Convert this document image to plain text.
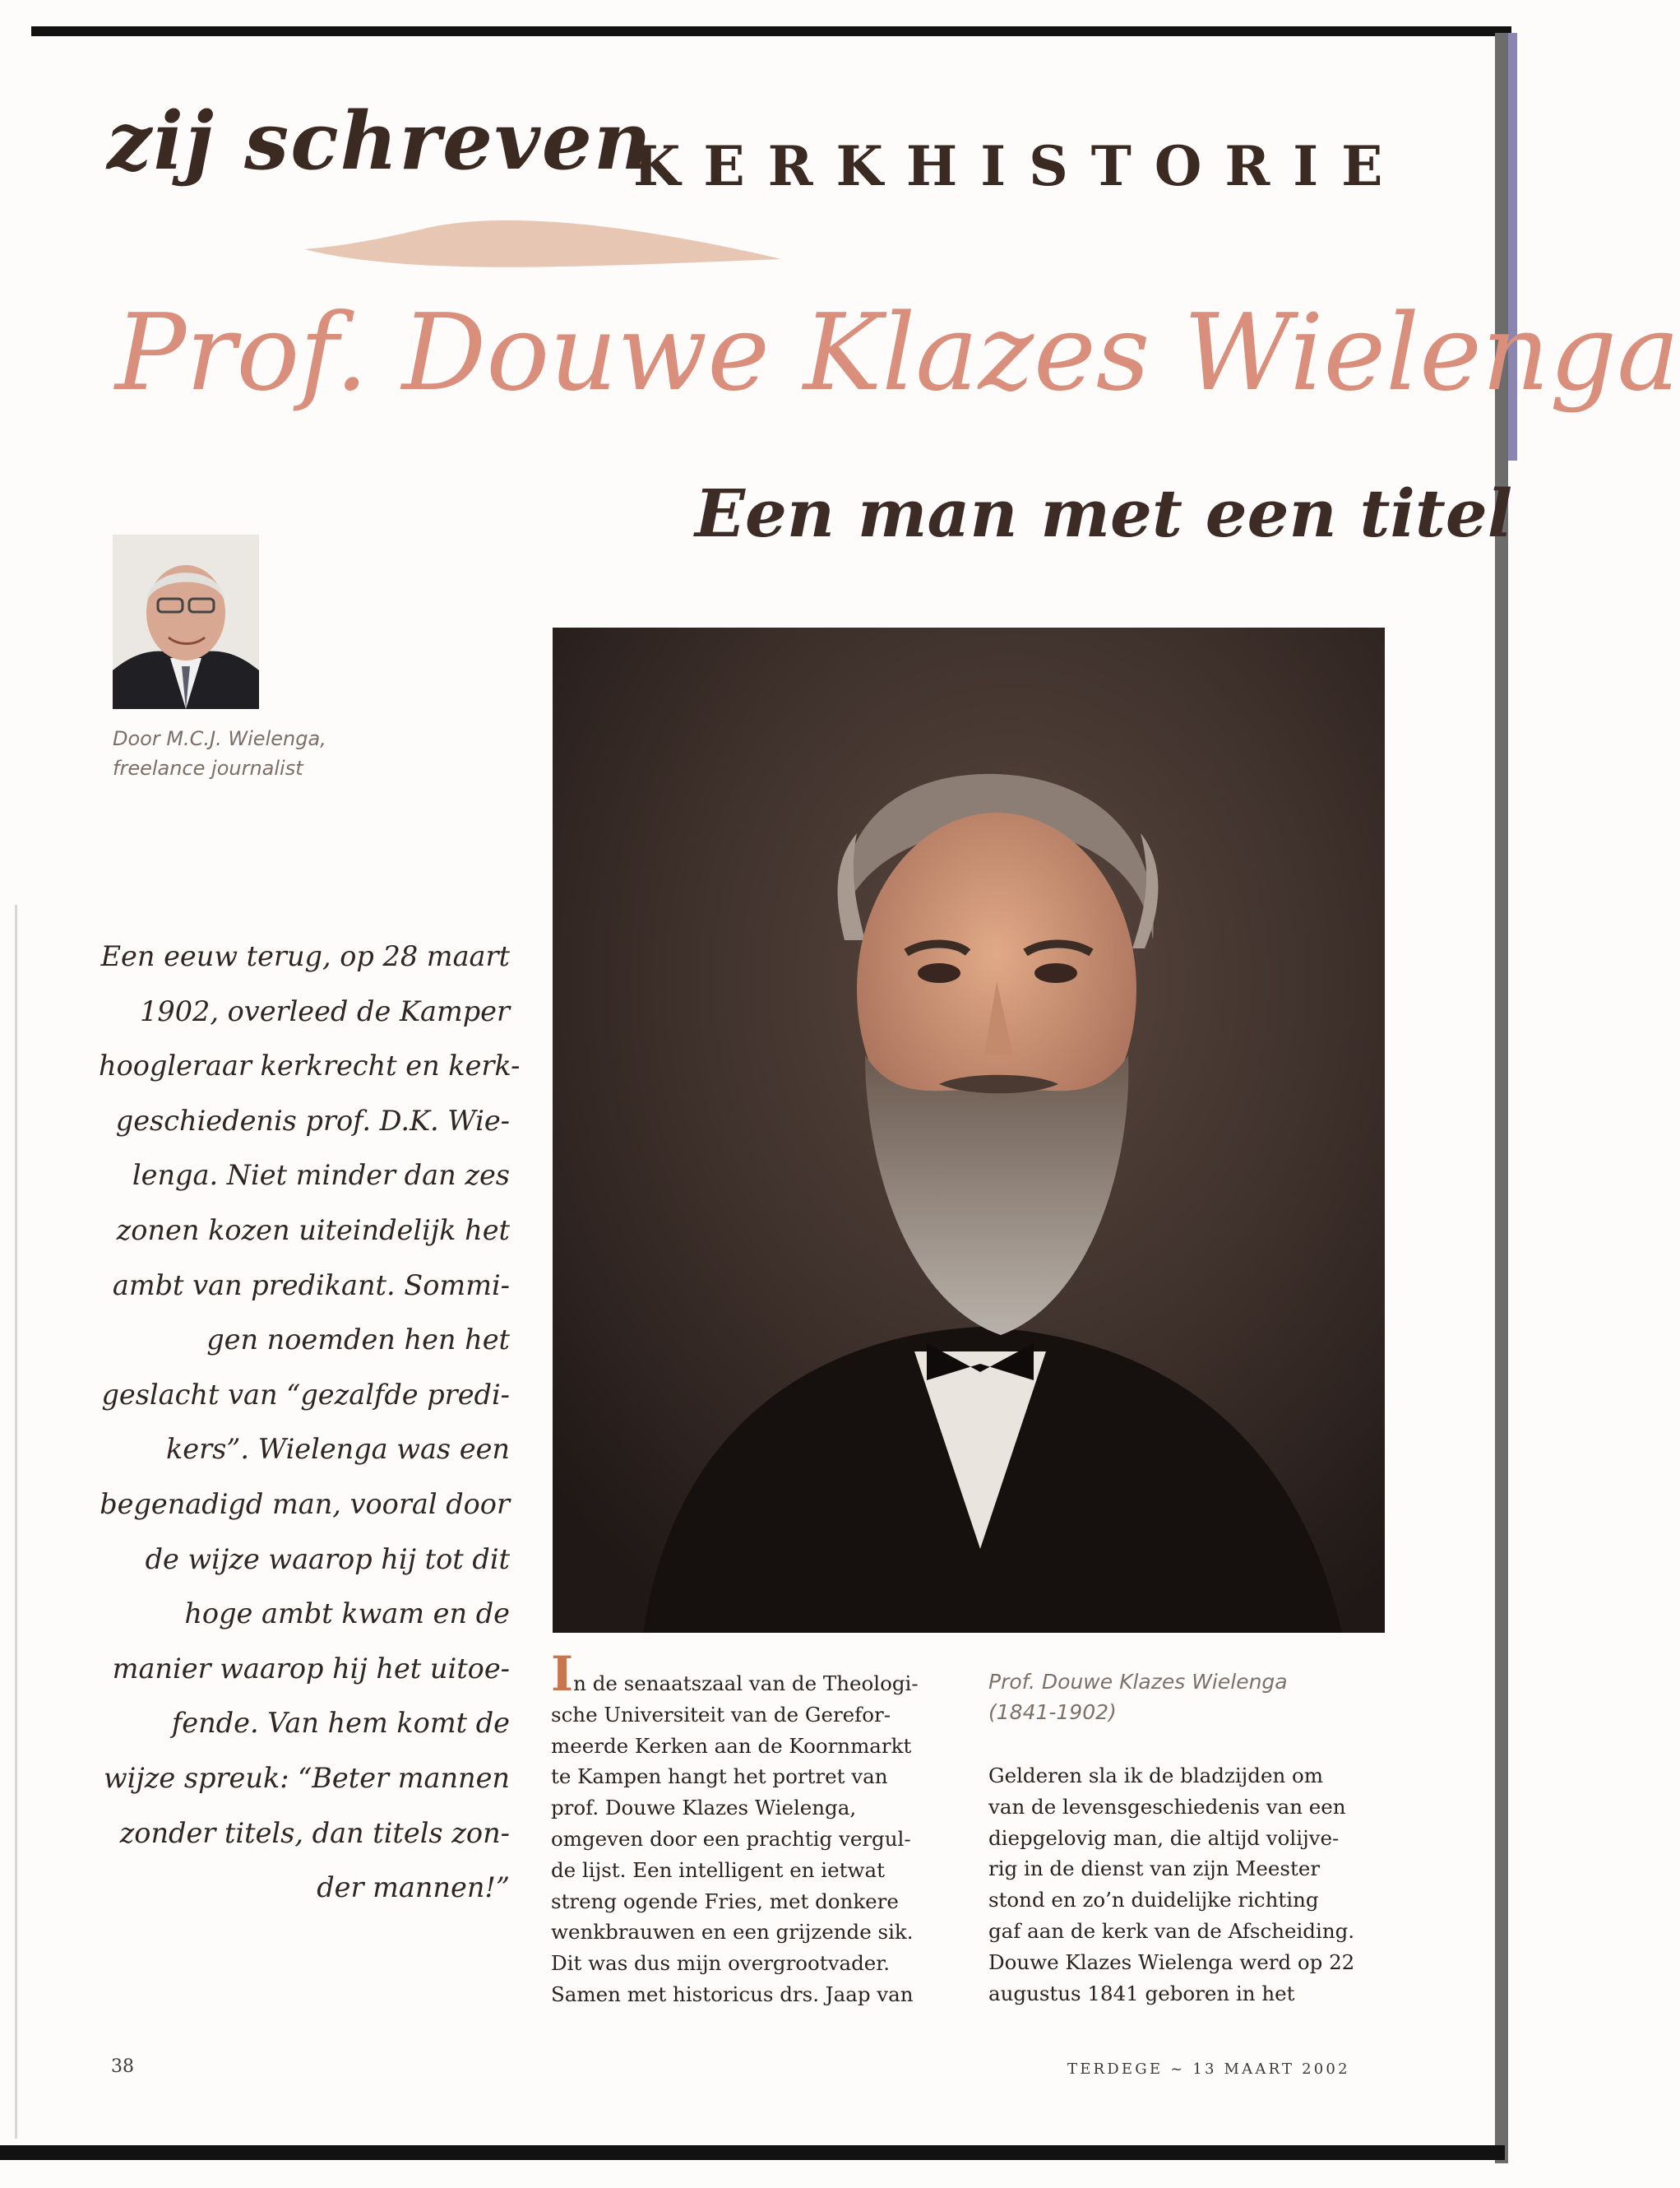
zij schreven
KERKHISTORIE
Prof. Douwe Klazes Wielenga
Een man met een titel
Door M.C.J. Wielenga,
freelance journalist
Een eeuw terug, op 28 maart
1902, overleed de Kamper
hoogleraar kerkrecht en kerk-
geschiedenis prof. D.K. Wie-
lenga. Niet minder dan zes
zonen kozen uiteindelijk het
ambt van predikant. Sommi-
gen noemden hen het
geslacht van “gezalfde predi-
kers”. Wielenga was een
begenadigd man, vooral door
de wijze waarop hij tot dit
hoge ambt kwam en de
manier waarop hij het uitoe-
fende. Van hem komt de
wijze spreuk: “Beter mannen
zonder titels, dan titels zon-
der mannen!”
In de senaatszaal van de Theologi-
sche Universiteit van de Gerefor-
meerde Kerken aan de Koornmarkt
te Kampen hangt het portret van
prof. Douwe Klazes Wielenga,
omgeven door een prachtig vergul-
de lijst. Een intelligent en ietwat
streng ogende Fries, met donkere
wenkbrauwen en een grijzende sik.
Dit was dus mijn overgrootvader.
Samen met historicus drs. Jaap van
Prof. Douwe Klazes Wielenga
(1841-1902)
Gelderen sla ik de bladzijden om
van de levensgeschiedenis van een
diepgelovig man, die altijd volijve-
rig in de dienst van zijn Meester
stond en zo’n duidelijke richting
gaf aan de kerk van de Afscheiding.
Douwe Klazes Wielenga werd op 22
augustus 1841 geboren in het
38	TERDEGE ~ 13 MAART 2002
